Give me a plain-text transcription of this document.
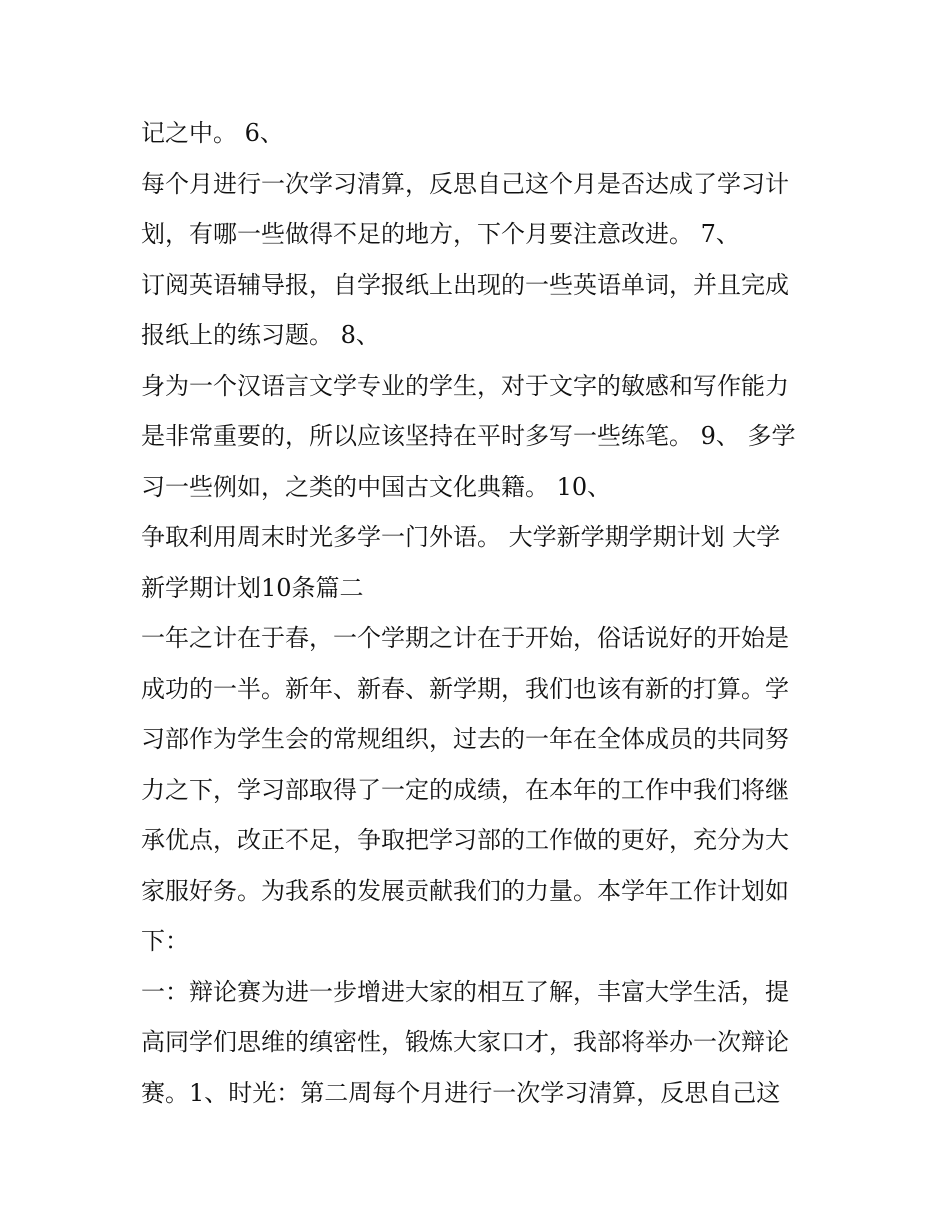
记之中。 6、
每个月进行一次学习清算，反思自己这个月是否达成了学习计
划，有哪一些做得不足的地方，下个月要注意改进。 7、
订阅英语辅导报，自学报纸上出现的一些英语单词，并且完成
报纸上的练习题。 8、
身为一个汉语言文学专业的学生，对于文字的敏感和写作能力
是非常重要的，所以应该坚持在平时多写一些练笔。 9、 多学
习一些例如，之类的中国古文化典籍。 10、
争取利用周末时光多学一门外语。 大学新学期学期计划 大学
新学期计划10条篇二
一年之计在于春，一个学期之计在于开始，俗话说好的开始是
成功的一半。新年、新春、新学期，我们也该有新的打算。学
习部作为学生会的常规组织，过去的一年在全体成员的共同努
力之下，学习部取得了一定的成绩，在本年的工作中我们将继
承优点，改正不足，争取把学习部的工作做的更好，充分为大
家服好务。为我系的发展贡献我们的力量。本学年工作计划如
下：
一：辩论赛为进一步增进大家的相互了解，丰富大学生活，提
高同学们思维的缜密性，锻炼大家口才，我部将举办一次辩论
赛。1、时光：第二周每个月进行一次学习清算，反思自己这
